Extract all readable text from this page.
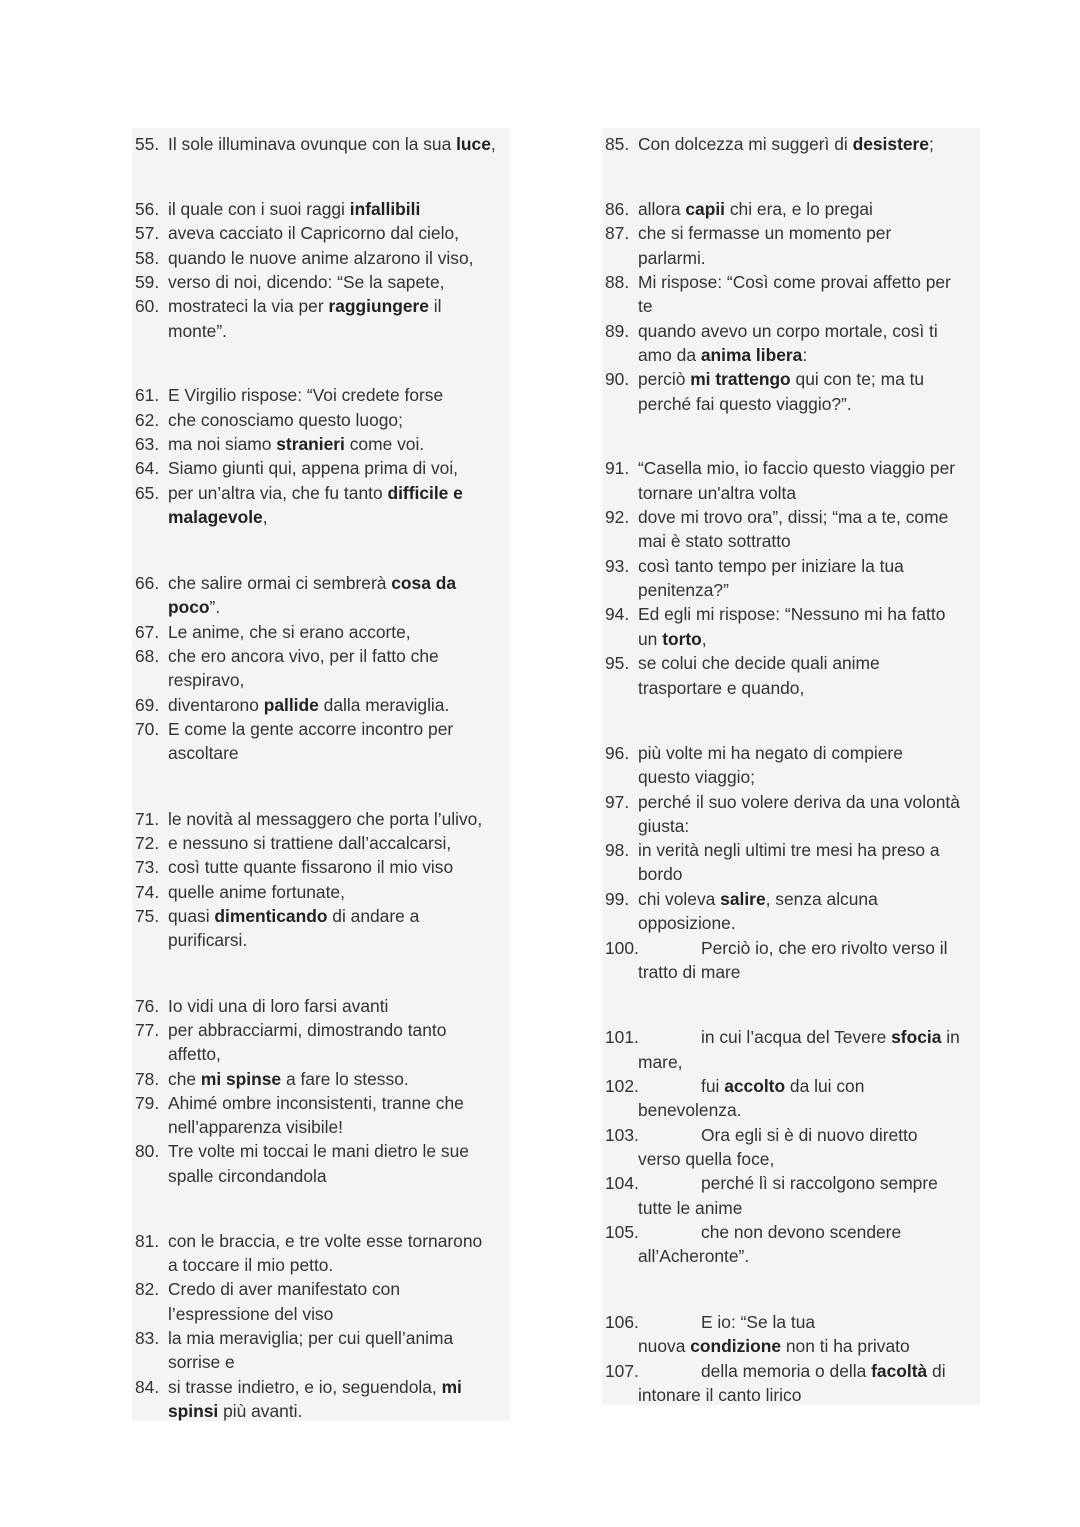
55. Il sole illuminava ovunque con la sua luce,
56. il quale con i suoi raggi infallibili
57. aveva cacciato il Capricorno dal cielo,
58. quando le nuove anime alzarono il viso,
59. verso di noi, dicendo: “Se la sapete,
60. mostrateci la via per raggiungere il
monte”.
61. E Virgilio rispose: “Voi credete forse
62. che conosciamo questo luogo;
63. ma noi siamo stranieri come voi.
64. Siamo giunti qui, appena prima di voi,
65. per un’altra via, che fu tanto difficile e
malagevole,
66. che salire ormai ci sembrerà cosa da
poco”.
67. Le anime, che si erano accorte,
68. che ero ancora vivo, per il fatto che
respiravo,
69. diventarono pallide dalla meraviglia.
70. E come la gente accorre incontro per
ascoltare
71. le novità al messaggero che porta l’ulivo,
72. e nessuno si trattiene dall’accalcarsi,
73. così tutte quante fissarono il mio viso
74. quelle anime fortunate,
75. quasi dimenticando di andare a
purificarsi.
76. Io vidi una di loro farsi avanti
77. per abbracciarmi, dimostrando tanto
affetto,
78. che mi spinse a fare lo stesso.
79. Ahimé ombre inconsistenti, tranne che
nell’apparenza visibile!
80. Tre volte mi toccai le mani dietro le sue
spalle circondandola
81. con le braccia, e tre volte esse tornarono
a toccare il mio petto.
82. Credo di aver manifestato con
l’espressione del viso
83. la mia meraviglia; per cui quell’anima
sorrise e
84. si trasse indietro, e io, seguendola, mi
spinsi più avanti.
85. Con dolcezza mi suggerì di desistere;
86. allora capii chi era, e lo pregai
87. che si fermasse un momento per
parlarmi.
88. Mi rispose: “Così come provai affetto per
te
89. quando avevo un corpo mortale, così ti
amo da anima libera:
90. perciò mi trattengo qui con te; ma tu
perché fai questo viaggio?”.
91. “Casella mio, io faccio questo viaggio per
tornare un'altra volta
92. dove mi trovo ora”, dissi; “ma a te, come
mai è stato sottratto
93. così tanto tempo per iniziare la tua
penitenza?”
94. Ed egli mi rispose: “Nessuno mi ha fatto
un torto,
95. se colui che decide quali anime
trasportare e quando,
96. più volte mi ha negato di compiere
questo viaggio;
97. perché il suo volere deriva da una volontà
giusta:
98. in verità negli ultimi tre mesi ha preso a
bordo
99. chi voleva salire, senza alcuna
opposizione.
100.	Perciò io, che ero rivolto verso il
tratto di mare
101.	in cui l’acqua del Tevere sfocia in
mare,
102.	fui accolto da lui con
benevolenza.
103.	Ora egli si è di nuovo diretto
verso quella foce,
104.	perché lì si raccolgono sempre
tutte le anime
105.	che non devono scendere
all’Acheronte”.
106.	E io: “Se la tua
nuova condizione non ti ha privato
107.	della memoria o della facoltà di
intonare il canto lirico
